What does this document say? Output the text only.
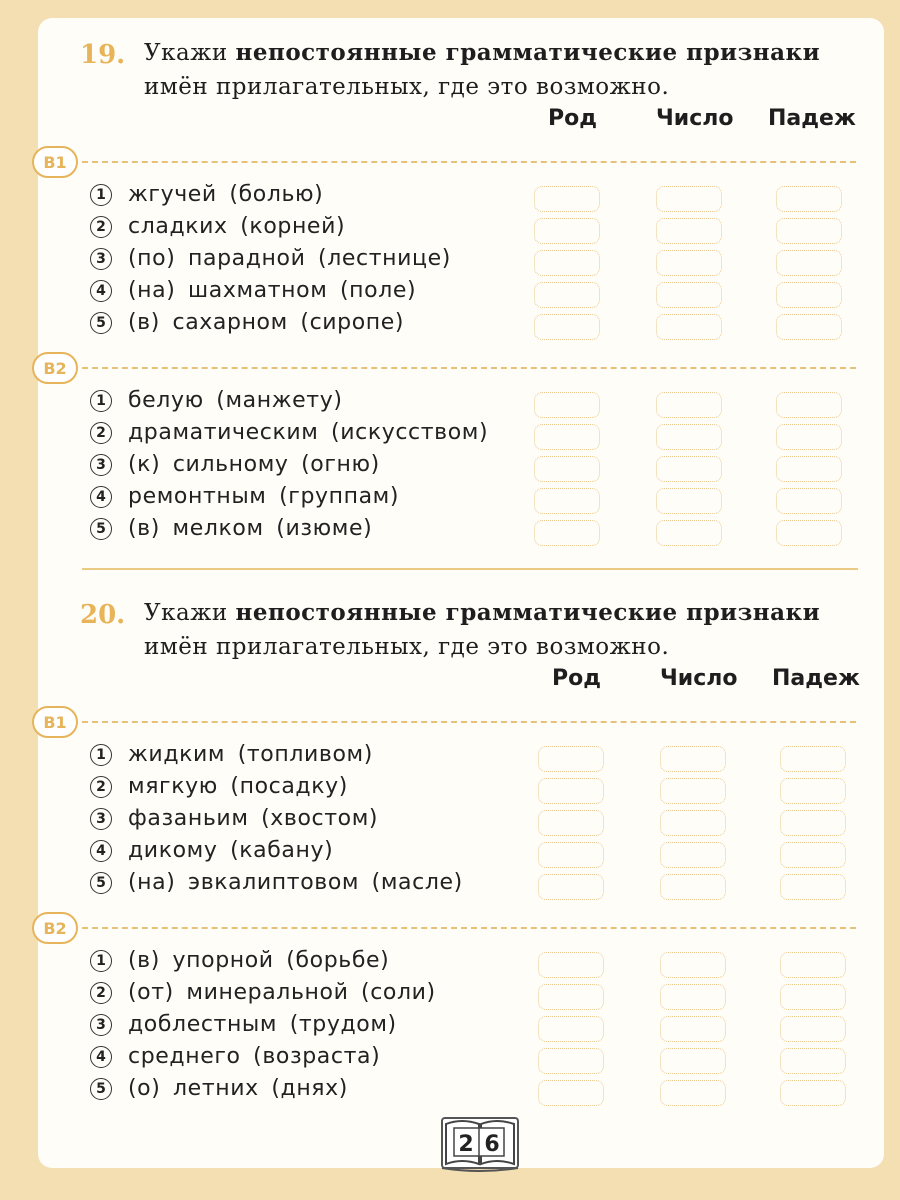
19. Укажи непостоянные грамматические признаки
имён прилагательных, где это возможно.
Род	Число Падеж
В1
1 жгучей (болью)
2 сладких (корней)
3 (по) парадной (лестнице)
4 (на) шахматном (поле)
5 (в) сахарном (сиропе)
В2
1 белую (манжету)
2 драматическим (искусством)
3 (к) сильному (огню)
4 ремонтным (группам)
5 (в) мелком (изюме)
20. Укажи непостоянные грамматические признаки
имён прилагательных, где это возможно.
Род	Число Падеж
В1
1 жидким (топливом)
2 мягкую (посадку)
3 фазаньим (хвостом)
4 дикому (кабану)
5 (на) эвкалиптовом (масле)
В2
1 (в) упорной (борьбе)
2 (от) минеральной (соли)
3 доблестным (трудом)
4 среднего (возраста)
5 (о) летних (днях)
2 6
